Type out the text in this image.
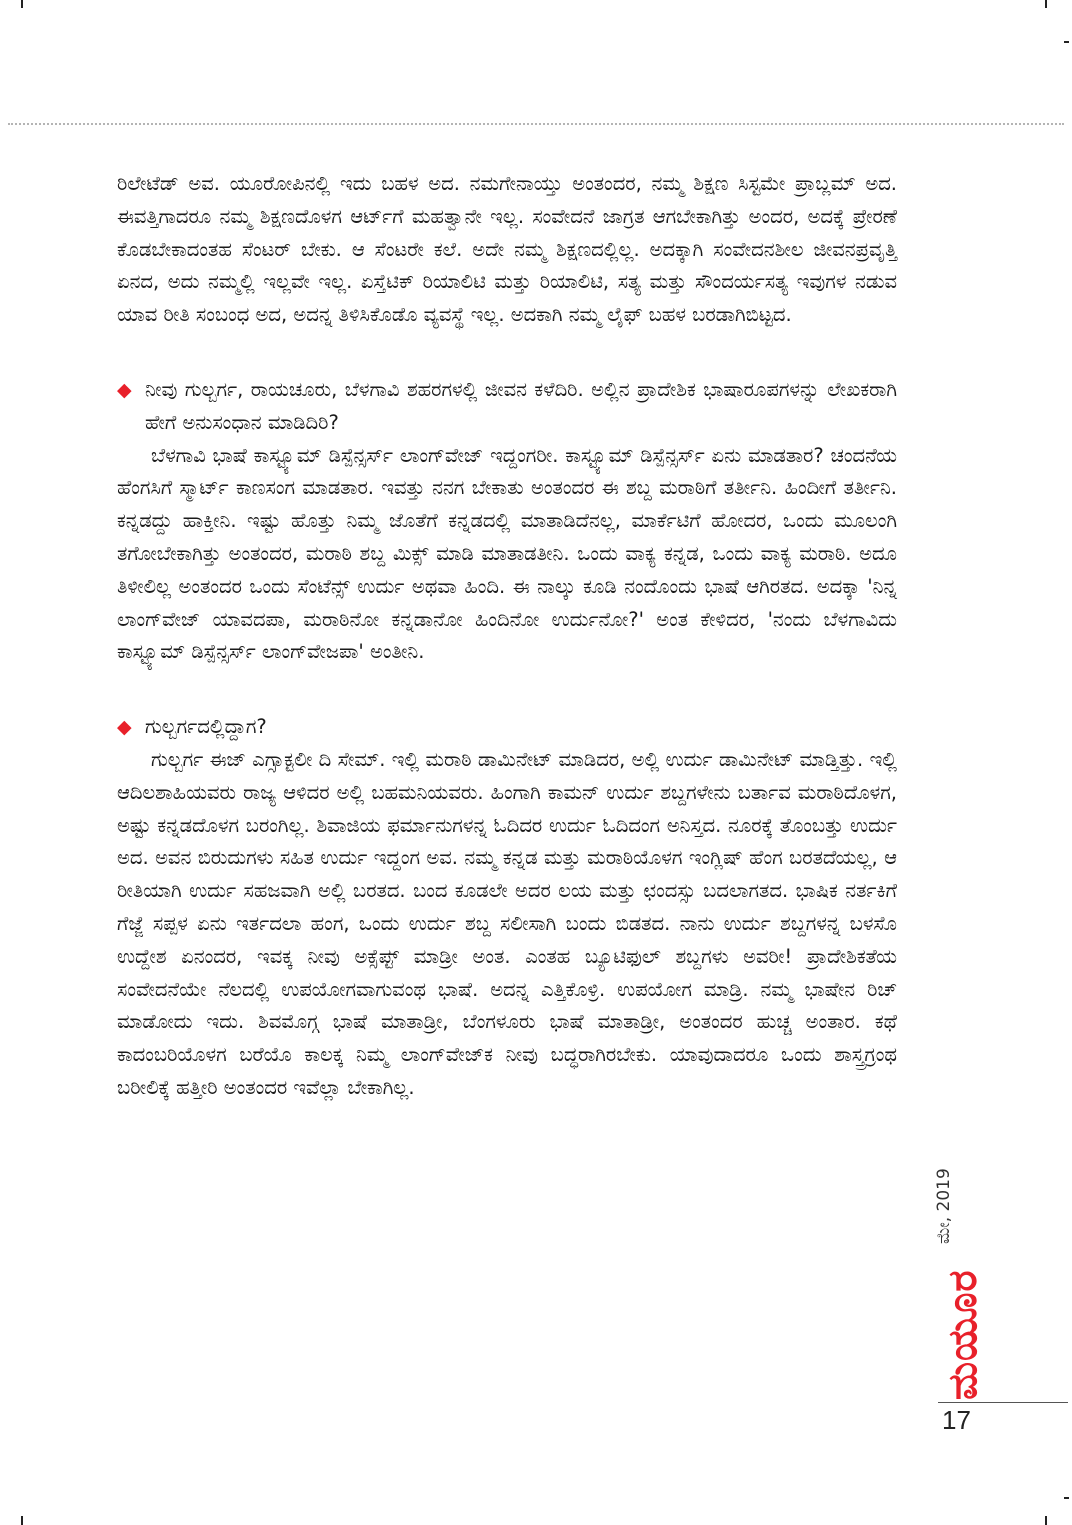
ರಿಲೇಟೆಡ್ ಅವ. ಯೂರೋಪಿನಲ್ಲಿ ಇದು ಬಹಳ ಅದ. ನಮಗೇನಾಯ್ತು ಅಂತಂದರ, ನಮ್ಮ ಶಿಕ್ಷಣ ಸಿಸ್ಟಮೇ ಪ್ರಾಬ್ಲಮ್ ಅದ. ಈವತ್ತಿಗಾದರೂ ನಮ್ಮ ಶಿಕ್ಷಣದೊಳಗ ಆರ್ಟ್‌ಗೆ ಮಹತ್ವಾನೇ ಇಲ್ಲ. ಸಂವೇದನೆ ಜಾಗ್ರತ ಆಗಬೇಕಾಗಿತ್ತು ಅಂದರ, ಅದಕ್ಕೆ ಪ್ರೇರಣೆ ಕೊಡಬೇಕಾದಂತಹ ಸೆಂಟರ್ ಬೇಕು. ಆ ಸೆಂಟರೇ ಕಲೆ. ಅದೇ ನಮ್ಮ ಶಿಕ್ಷಣದಲ್ಲಿಲ್ಲ. ಅದಕ್ಕಾಗಿ ಸಂವೇದನಶೀಲ ಜೀವನಪ್ರವೃತ್ತಿ ಏನದ, ಅದು ನಮ್ಮಲ್ಲಿ ಇಲ್ಲವೇ ಇಲ್ಲ. ಏಸ್ತೆಟಿಕ್ ರಿಯಾಲಿಟಿ ಮತ್ತು ರಿಯಾಲಿಟಿ, ಸತ್ಯ ಮತ್ತು ಸೌಂದರ್ಯಸತ್ಯ ಇವುಗಳ ನಡುವ ಯಾವ ರೀತಿ ಸಂಬಂಧ ಅದ, ಅದನ್ನ ತಿಳಿಸಿಕೊಡೊ ವ್ಯವಸ್ಥೆ ಇಲ್ಲ. ಅದಕಾಗಿ ನಮ್ಮ ಲೈಫ್ ಬಹಳ ಬರಡಾಗಿಬಿಟ್ಟದ.

◆ ನೀವು ಗುಲ್ಬರ್ಗ, ರಾಯಚೂರು, ಬೆಳಗಾವಿ ಶಹರಗಳಲ್ಲಿ ಜೀವನ ಕಳೆದಿರಿ. ಅಲ್ಲಿನ ಪ್ರಾದೇಶಿಕ ಭಾಷಾರೂಪಗಳನ್ನು ಲೇಖಕರಾಗಿ ಹೇಗೆ ಅನುಸಂಧಾನ ಮಾಡಿದಿರಿ?

ಬೆಳಗಾವಿ ಭಾಷೆ ಕಾಸ್ಟ್ಯೂಮ್ ಡಿಸ್ಪೆನ್ಸರ್ಸ್ ಲಾಂಗ್‌ವೇಜ್ ಇದ್ದಂಗರೀ. ಕಾಸ್ಟ್ಯೂಮ್ ಡಿಸ್ಪೆನ್ಸರ್ಸ್ ಏನು ಮಾಡತಾರ? ಚಂದನೆಯ ಹೆಂಗಸಿಗೆ ಸ್ಮಾರ್ಟ್ ಕಾಣಸಂಗ ಮಾಡತಾರ. ಇವತ್ತು ನನಗ ಬೇಕಾತು ಅಂತಂದರ ಈ ಶಬ್ದ ಮರಾಠಿಗೆ ತರ್ತೀನಿ. ಹಿಂದೀಗೆ ತರ್ತೀನಿ. ಕನ್ನಡದ್ದು ಹಾಕ್ತೀನಿ. ಇಷ್ಟು ಹೊತ್ತು ನಿಮ್ಮ ಜೊತೆಗೆ ಕನ್ನಡದಲ್ಲಿ ಮಾತಾಡಿದೆನಲ್ಲ, ಮಾರ್ಕೆಟಿಗೆ ಹೋದರ, ಒಂದು ಮೂಲಂಗಿ ತಗೋಬೇಕಾಗಿತ್ತು ಅಂತಂದರ, ಮರಾಠಿ ಶಬ್ದ ಮಿಕ್ಸ್ ಮಾಡಿ ಮಾತಾಡತೀನಿ. ಒಂದು ವಾಕ್ಯ ಕನ್ನಡ, ಒಂದು ವಾಕ್ಯ ಮರಾಠಿ. ಅದೂ ತಿಳೀಲಿಲ್ಲ ಅಂತಂದರ ಒಂದು ಸೆಂಟೆನ್ಸ್ ಉರ್ದು ಅಥವಾ ಹಿಂದಿ. ಈ ನಾಲ್ಕು ಕೂಡಿ ನಂದೊಂದು ಭಾಷೆ ಆಗಿರತದ. ಅದಕ್ಕಾ 'ನಿನ್ನ ಲಾಂಗ್‌ವೇಜ್ ಯಾವದಪಾ, ಮರಾಠಿನೋ ಕನ್ನಡಾನೋ ಹಿಂದಿನೋ ಉರ್ದುನೋ?' ಅಂತ ಕೇಳಿದರ, 'ನಂದು ಬೆಳಗಾವಿದು ಕಾಸ್ಟ್ಯೂಮ್ ಡಿಸ್ಪೆನ್ಸರ್ಸ್ ಲಾಂಗ್‌ವೇಜಪಾ' ಅಂತೀನಿ.

◆ ಗುಲ್ಬರ್ಗದಲ್ಲಿದ್ದಾಗ?

ಗುಲ್ಬರ್ಗ ಈಜ್ ಎಗ್ಸಾಕ್ಟಲೀ ದಿ ಸೇಮ್. ಇಲ್ಲಿ ಮರಾಠಿ ಡಾಮಿನೇಟ್ ಮಾಡಿದರ, ಅಲ್ಲಿ ಉರ್ದು ಡಾಮಿನೇಟ್ ಮಾಡ್ತಿತ್ತು. ಇಲ್ಲಿ ಆದಿಲಶಾಹಿಯವರು ರಾಜ್ಯ ಆಳಿದರ ಅಲ್ಲಿ ಬಹಮನಿಯವರು. ಹಿಂಗಾಗಿ ಕಾಮನ್ ಉರ್ದು ಶಬ್ದಗಳೇನು ಬರ್ತಾವ ಮರಾಠಿದೊಳಗ, ಅಷ್ಟು ಕನ್ನಡದೊಳಗ ಬರಂಗಿಲ್ಲ. ಶಿವಾಜಿಯ ಫರ್ಮಾನುಗಳನ್ನ ಓದಿದರ ಉರ್ದು ಓದಿದಂಗ ಅನಿಸ್ತದ. ನೂರಕ್ಕೆ ತೊಂಬತ್ತು ಉರ್ದು ಅದ. ಅವನ ಬಿರುದುಗಳು ಸಹಿತ ಉರ್ದು ಇದ್ದಂಗ ಅವ. ನಮ್ಮ ಕನ್ನಡ ಮತ್ತು ಮರಾಠಿಯೊಳಗ ಇಂಗ್ಲಿಷ್ ಹೆಂಗ ಬರತದೆಯಲ್ಲ, ಆ ರೀತಿಯಾಗಿ ಉರ್ದು ಸಹಜವಾಗಿ ಅಲ್ಲಿ ಬರತದ. ಬಂದ ಕೂಡಲೇ ಅದರ ಲಯ ಮತ್ತು ಛಂದಸ್ಸು ಬದಲಾಗತದ. ಭಾಷಿಕ ನರ್ತಕಿಗೆ ಗೆಜ್ಜೆ ಸಪ್ಪಳ ಏನು ಇರ್ತದಲಾ ಹಂಗ, ಒಂದು ಉರ್ದು ಶಬ್ದ ಸಲೀಸಾಗಿ ಬಂದು ಬಿಡತದ. ನಾನು ಉರ್ದು ಶಬ್ದಗಳನ್ನ ಬಳಸೊ ಉದ್ದೇಶ ಏನಂದರ, ಇವಕ್ಕ ನೀವು ಅಕ್ಸೆಪ್ಟ್ ಮಾಡ್ರೀ ಅಂತ. ಎಂತಹ ಬ್ಯೂಟಿಫುಲ್ ಶಬ್ದಗಳು ಅವರೀ! ಪ್ರಾದೇಶಿಕತೆಯ ಸಂವೇದನೆಯೇ ನೆಲದಲ್ಲಿ ಉಪಯೋಗವಾಗುವಂಥ ಭಾಷೆ. ಅದನ್ನ ಎತ್ತಿಕೊಳ್ರಿ. ಉಪಯೋಗ ಮಾಡ್ರಿ. ನಮ್ಮ ಭಾಷೇನ ರಿಚ್ ಮಾಡೋದು ಇದು. ಶಿವಮೊಗ್ಗ ಭಾಷೆ ಮಾತಾಡ್ರೀ, ಬೆಂಗಳೂರು ಭಾಷೆ ಮಾತಾಡ್ರೀ, ಅಂತಂದರ ಹುಚ್ಚ ಅಂತಾರ. ಕಥೆ ಕಾದಂಬರಿಯೊಳಗ ಬರೆಯೊ ಕಾಲಕ್ಕ ನಿಮ್ಮ ಲಾಂಗ್‌ವೇಜ್‌ಕ ನೀವು ಬದ್ಧರಾಗಿರಬೇಕು. ಯಾವುದಾದರೂ ಒಂದು ಶಾಸ್ತ್ರಗ್ರಂಥ ಬರೀಲಿಕ್ಕೆ ಹತ್ತೀರಿ ಅಂತಂದರ ಇವೆಲ್ಲಾ ಬೇಕಾಗಿಲ್ಲ.

ಮೇ, 2019
ಮಯೂರ
17
